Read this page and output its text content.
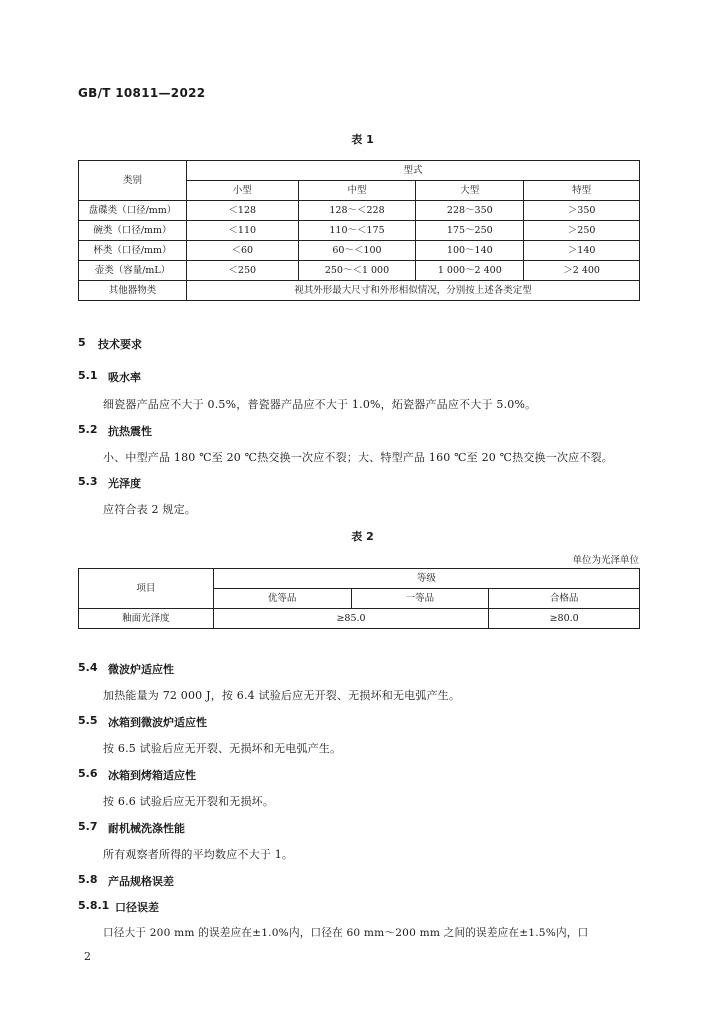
GB/T 10811—2022
表 1
类别	型式			
	小型	中型	大型	特型
盘碟类（口径/mm）	＜128	128～＜228	228～350	＞350
碗类（口径/mm）	＜110	110～＜175	175～250	＞250
杯类（口径/mm）	＜60	60～＜100	100～140	＞140
壶类（容量/mL）	＜250	250～＜1 000	1 000～2 400	＞2 400
其他器物类	视其外形最大尺寸和外形相似情况，分别按上述各类定型			
5 技术要求
5.1 吸水率
细瓷器产品应不大于 0.5%，普瓷器产品应不大于 1.0%，炻瓷器产品应不大于 5.0%。
5.2 抗热震性
小、中型产品 180 ℃至 20 ℃热交换一次应不裂；大、特型产品 160 ℃至 20 ℃热交换一次应不裂。
5.3 光泽度
应符合表 2 规定。
表 2
单位为光泽单位
项目	等级		
	优等品	一等品	合格品
釉面光泽度	≥85.0		≥80.0
5.4 微波炉适应性
加热能量为 72 000 J，按 6.4 试验后应无开裂、无损坏和无电弧产生。
5.5 冰箱到微波炉适应性
按 6.5 试验后应无开裂、无损坏和无电弧产生。
5.6 冰箱到烤箱适应性
按 6.6 试验后应无开裂和无损坏。
5.7 耐机械洗涤性能
所有观察者所得的平均数应不大于 1。
5.8 产品规格误差
5.8.1 口径误差
口径大于 200 mm 的误差应在±1.0%内，口径在 60 mm～200 mm 之间的误差应在±1.5%内，口
2
